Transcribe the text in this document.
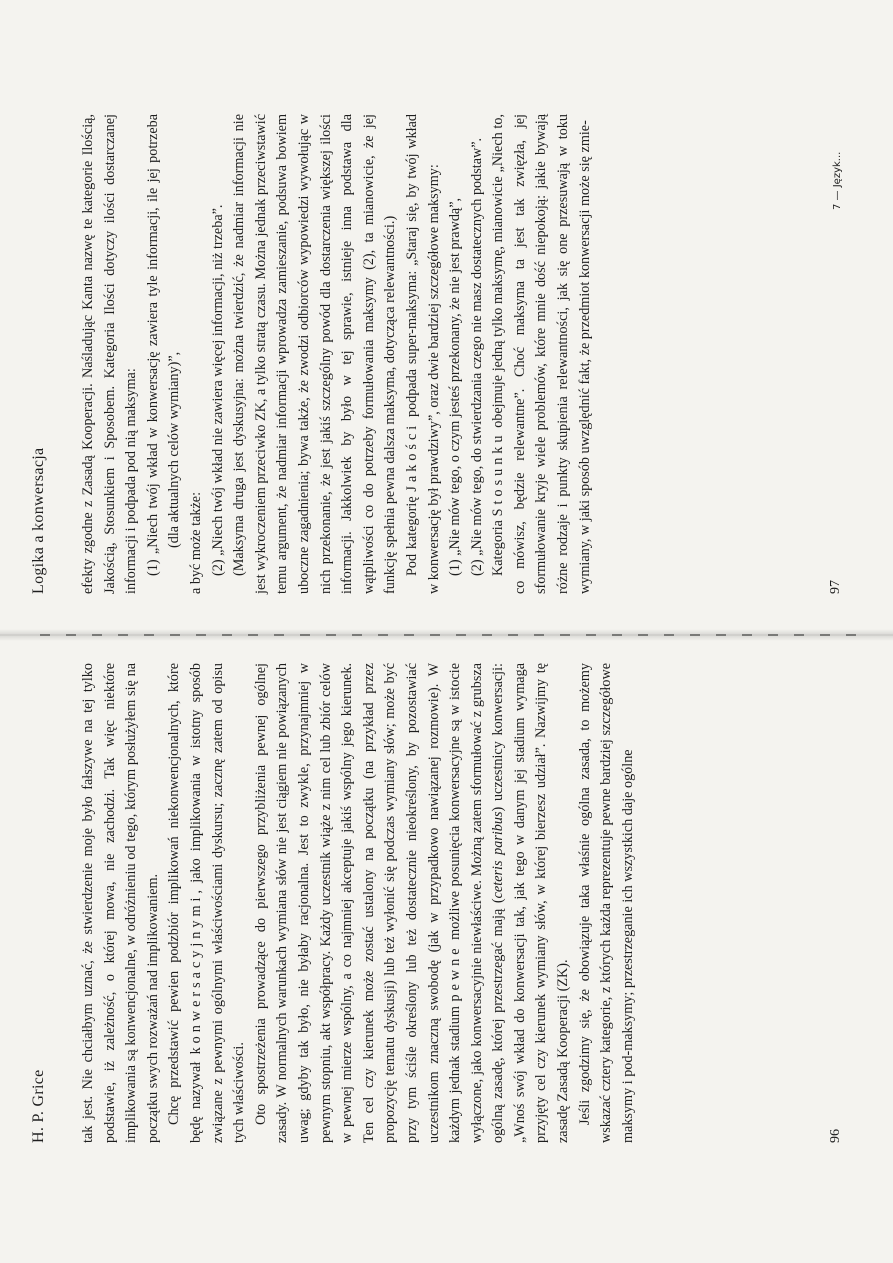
H. P. Grice tak jest. Nie chciałbym uznać, że stwierdzenie moje było fałszywe na tej tylko podstawie, iż zależność, o której mowa, nie zachodzi. Tak więc niektóre implikowania są konwencjonalne, w odróżnieniu od tego, którym posłużyłem się na początku swych rozważań nad implikowaniem. Chcę przedstawić pewien podzbiór implikowań niekonwencjonalnych, które będę nazywał konwersacyjnymi, jako implikowania w istotny sposób związane z pewnymi ogólnymi właściwościami dyskursu; zacznę zatem od opisu tych właściwości. Oto spostrzeżenia prowadzące do pierwszego przybliżenia pewnej ogólnej zasady. W normalnych warunkach wymiana słów nie jest ciągiem nie powiązanych uwag; gdyby tak było, nie byłaby racjonalna. Jest to zwykle, przynajmniej w pewnym stopniu, akt współpracy. Każdy uczestnik wiąże z nim cel lub zbiór celów w pewnej mierze wspólny, a co najmniej akceptuje jakiś wspólny jego kierunek. Ten cel czy kierunek może zostać ustalony na początku (na przykład przez propozycję tematu dyskusji) lub też wyłonić się podczas wymiany słów; może być przy tym ściśle określony lub też dostatecznie nieokreślony, by pozostawiać uczestnikom znaczną swobodę (jak w przypadkowo nawiązanej rozmowie). W każdym jednak stadium pewne możliwe posunięcia konwersacyjne są w istocie wyłączone, jako konwersacyjnie niewłaściwe. Możną zatem sformułować z grubsza ogólną zasadę, której przestrzegać mają (ceteris paribus) uczestnicy konwersacji: „Wnoś swój wkład do konwersacji tak, jak tego w danym jej stadium wymaga przyjęty cel czy kierunek wymiany słów, w której bierzesz udział”. Nazwijmy tę zasadę Zasadą Kooperacji (ZK). Jeśli zgodzimy się, że obowiązuje taka właśnie ogólna zasada, to możemy wskazać cztery kategorie, z których każda reprezentuje pewne bardziej szczegółowe maksymy i pod-maksymy; przestrzeganie ich wszystkich daje ogólne	96
Logika a konwersacja efekty zgodne z Zasadą Kooperacji. Naśladując Kanta nazwę te kategorie Ilością, Jakością, Stosunkiem i Sposobem. Kategoria Ilości dotyczy ilości dostarczanej informacji i podpada pod nią maksyma: (1) „Niech twój wkład w konwersację zawiera tyle informacji, ile jej potrzeba (dla aktualnych celów wymiany)”, a być może także: (2) „Niech twój wkład nie zawiera więcej informacji, niż trzeba”. (Maksyma druga jest dyskusyjna: można twierdzić, że nadmiar informacji nie jest wykroczeniem przeciwko ZK, a tylko stratą czasu. Można jednak przeciwstawić temu argument, że nadmiar informacji wprowadza zamieszanie, podsuwa bowiem uboczne zagadnienia; bywa także, że zwodzi odbiorców wypowiedzi wywołując w nich przekonanie, że jest jakiś szczególny powód dla dostarczenia większej ilości informacji. Jakkolwiek by było w tej sprawie, istnieje inna podstawa dla wątpliwości co do potrzeby formułowania maksymy (2), ta mianowicie, że jej funkcję spełnia pewna dalsza maksyma, dotycząca relewantności.) Pod kategorię Jakości podpada super-maksyma: „Staraj się, by twój wkład w konwersację był prawdziwy”, oraz dwie bardziej szczegółowe maksymy: (1) „Nie mów tego, o czym jesteś przekonany, że nie jest prawdą”,

(2) „Nie mów tego, do stwierdzania czego nie masz dostatecznych podstaw”. Kategoria Stosunku obejmuje jedną tylko maksymę, mianowicie „Niech to, co mówisz, będzie relewantne”. Choć maksyma ta jest tak zwięzła, jej sformułowanie kryje wiele problemów, które mnie dość niepokoją: jakie bywają różne rodzaje i punkty skupienia relewantności, jak się one przesuwają w toku wymiany, w jaki sposób uwzględnić fakt, że przedmiot konwersacji może się zmie-	97
7 — Język...
